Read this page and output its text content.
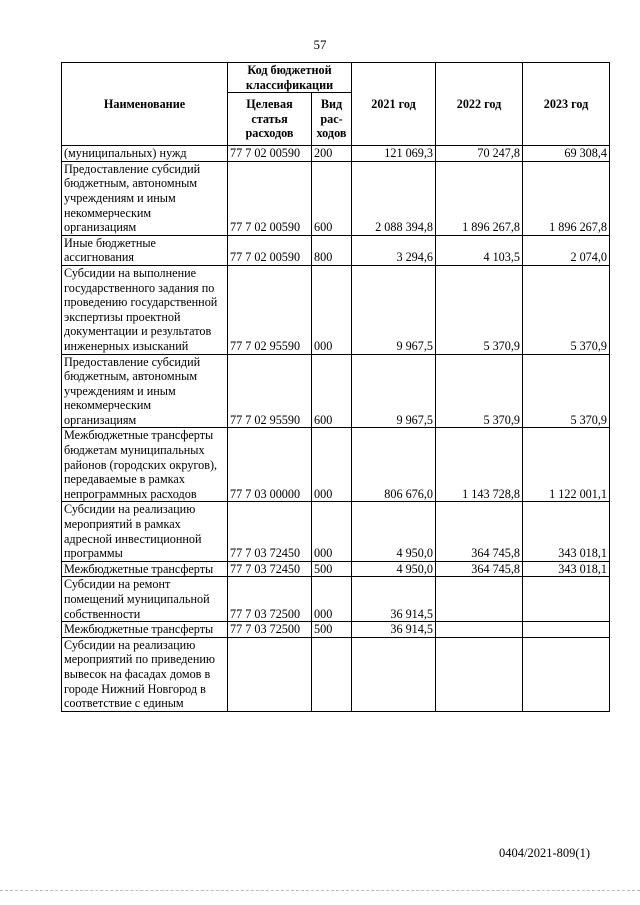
57
Наименование	Код бюджетной классификации		2021 год	2022 год	2023 год
	Целевая статья расходов	Вид рас- ходов			
(муниципальных) нужд	77 7 02 00590	200	121 069,3	70 247,8	69 308,4
Предоставление субсидий бюджетным, автономным учреждениям и иным некоммерческим организациям	77 7 02 00590	600	2 088 394,8	1 896 267,8	1 896 267,8
Иные бюджетные ассигнования	77 7 02 00590	800	3 294,6	4 103,5	2 074,0
Субсидии на выполнение государственного задания по проведению государственной экспертизы проектной документации и результатов инженерных изысканий	77 7 02 95590	000	9 967,5	5 370,9	5 370,9
Предоставление субсидий бюджетным, автономным учреждениям и иным некоммерческим организациям	77 7 02 95590	600	9 967,5	5 370,9	5 370,9
Межбюджетные трансферты бюджетам муниципальных районов (городских округов), передаваемые в рамках непрограммных расходов	77 7 03 00000	000	806 676,0	1 143 728,8	1 122 001,1
Субсидии на реализацию мероприятий в рамках адресной инвестиционной программы	77 7 03 72450	000	4 950,0	364 745,8	343 018,1
Межбюджетные трансферты	77 7 03 72450	500	4 950,0	364 745,8	343 018,1
Субсидии на ремонт помещений муниципальной собственности	77 7 03 72500	000	36 914,5		
Межбюджетные трансферты	77 7 03 72500	500	36 914,5		
Субсидии на реализацию мероприятий по приведению вывесок на фасадах домов в городе Нижний Новгород в соответствие с единым					
0404/2021-809(1)
